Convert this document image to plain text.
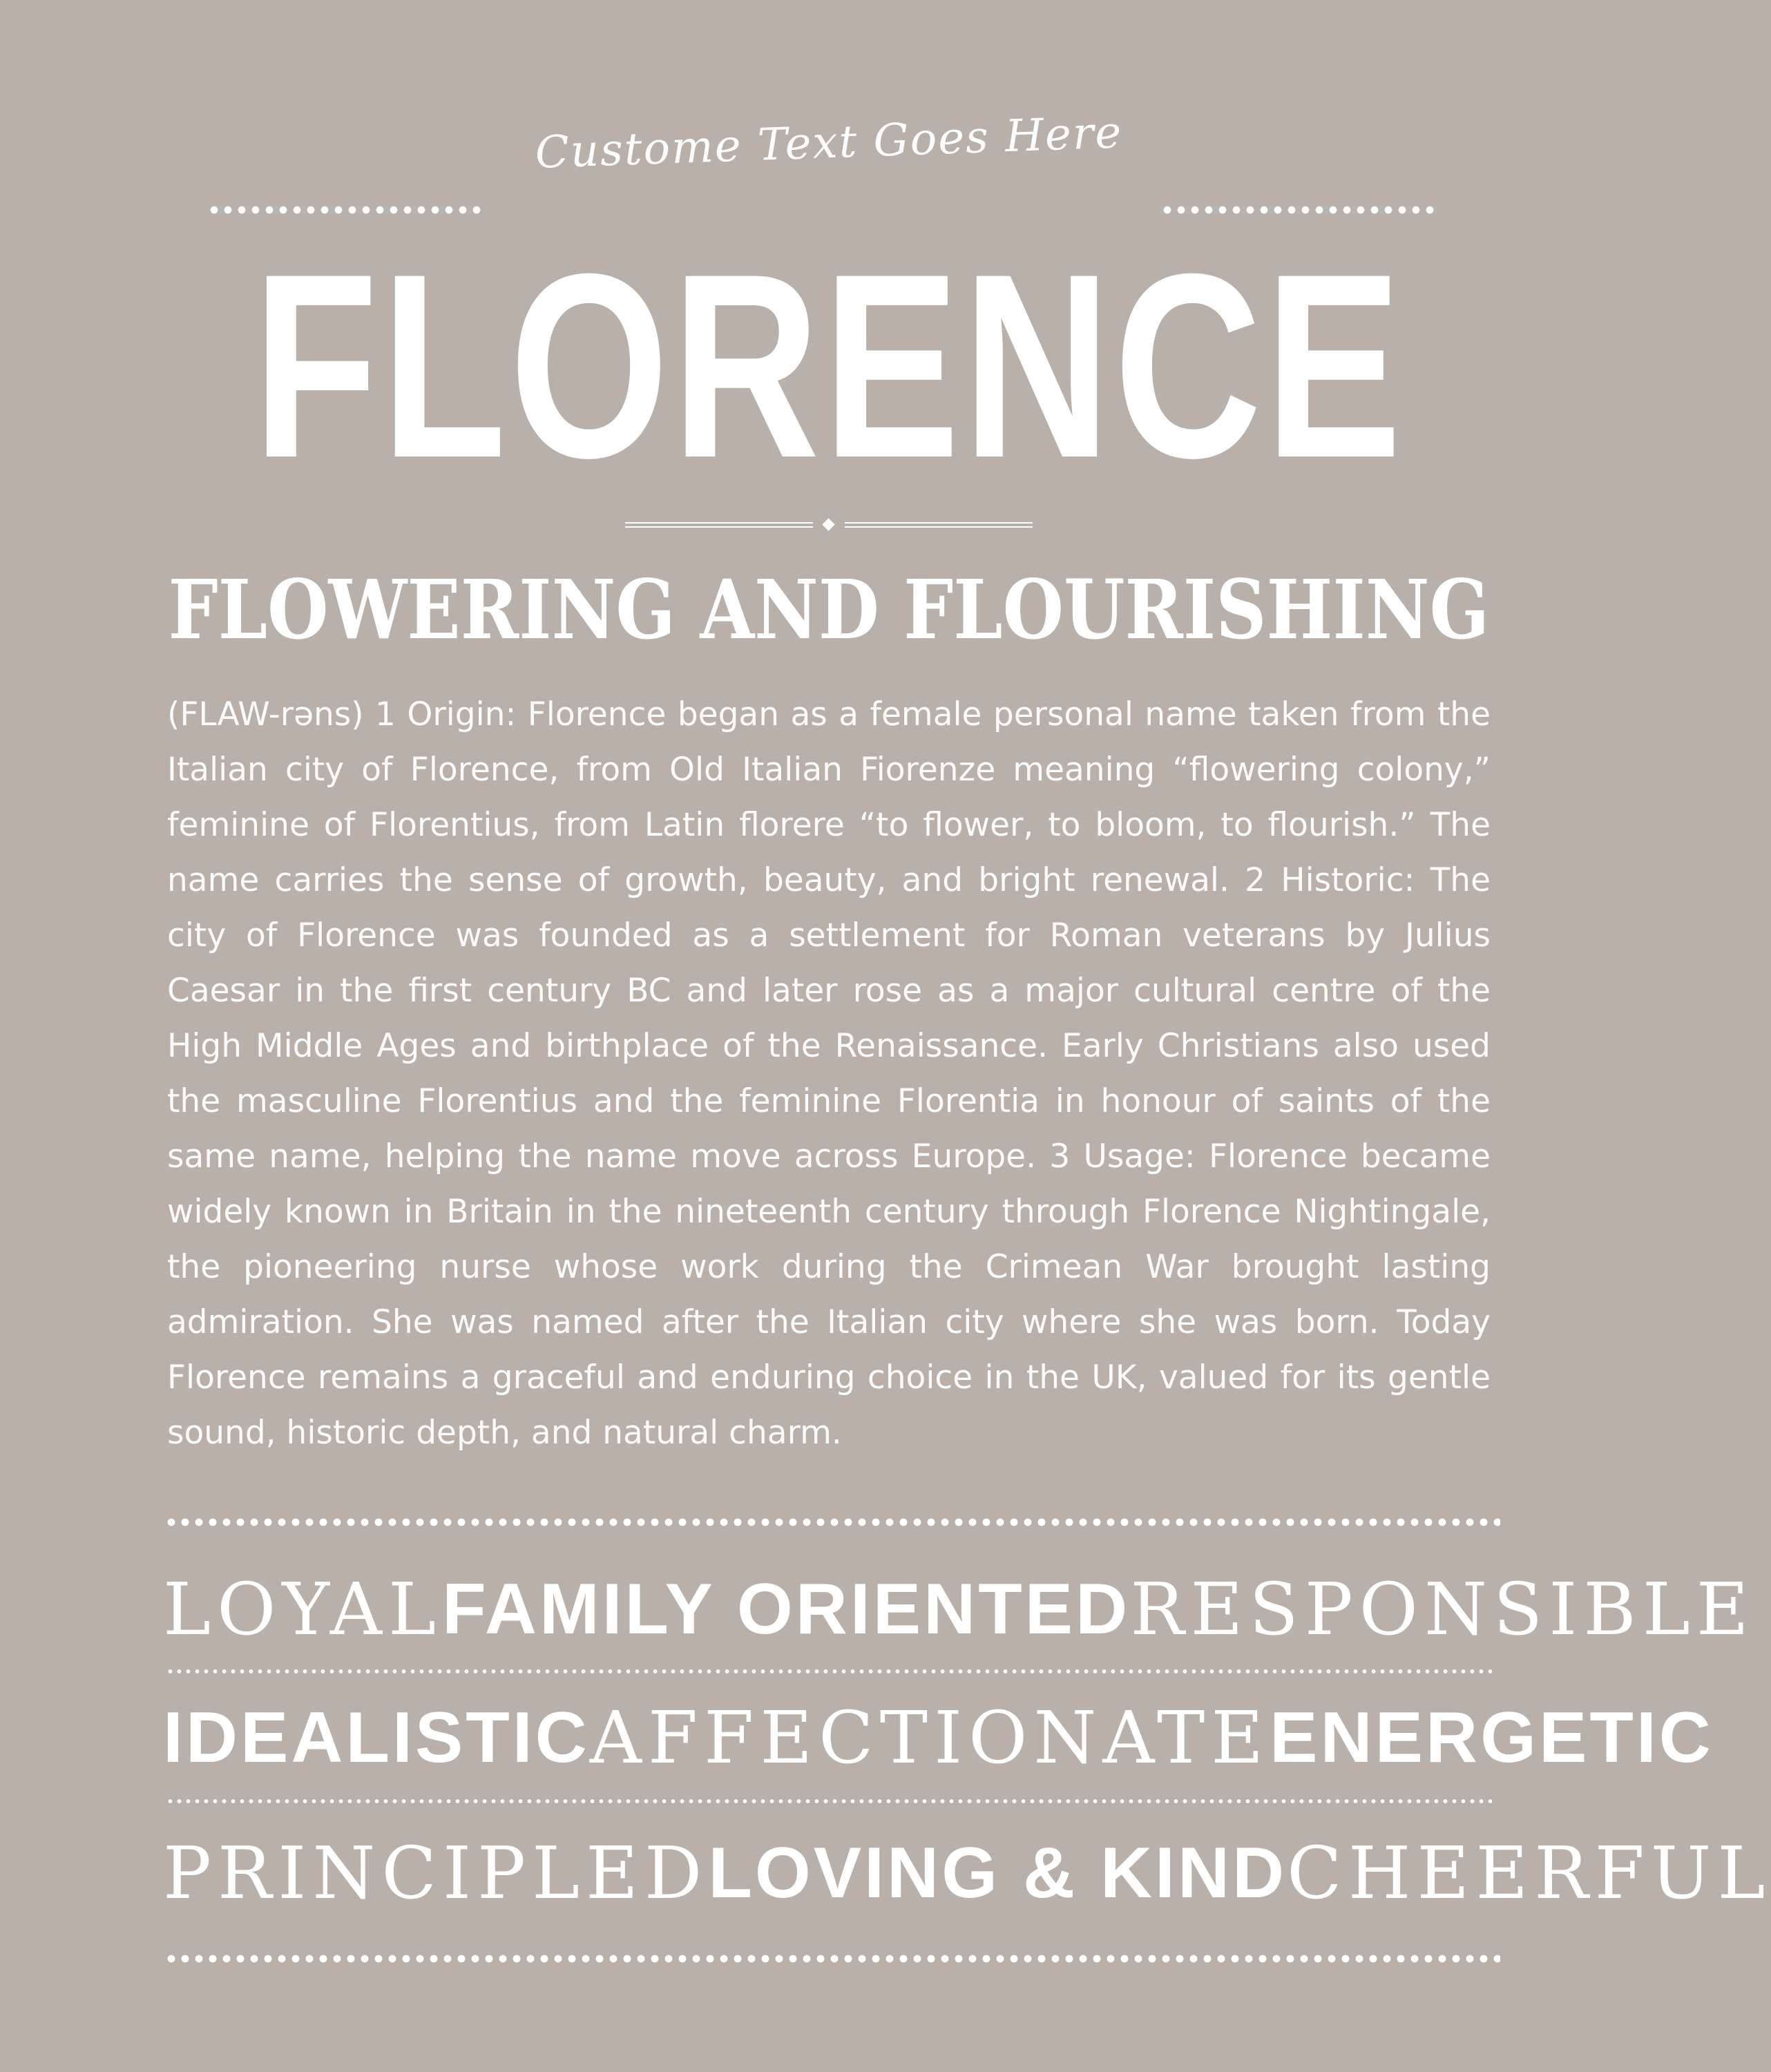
Custome Text Goes Here
FLORENCE
FLOWERING AND FLOURISHING

(FLAW-rəns) 1 Origin: Florence began as a female personal name taken from the Italian city of Florence, from Old Italian Fiorenze meaning “flowering colony,” feminine of Florentius, from Latin florere “to flower, to bloom, to flourish.” The name carries the sense of growth, beauty, and bright renewal. 2 Historic: The city of Florence was founded as a settlement for Roman veterans by Julius Caesar in the first century BC and later rose as a major cultural centre of the High Middle Ages and birthplace of the Renaissance. Early Christians also used the masculine Florentius and the feminine Florentia in honour of saints of the same name, helping the name move across Europe. 3 Usage: Florence became widely known in Britain in the nineteenth century through Florence Nightingale, the pioneering nurse whose work during the Crimean War brought lasting admiration. She was named after the Italian city where she was born. Today Florence remains a graceful and enduring choice in the UK, valued for its gentle sound, historic depth, and natural charm.

LOYAL FAMILY ORIENTED RESPONSIBLE
IDEALISTIC AFFECTIONATE ENERGETIC
PRINCIPLED LOVING & KIND CHEERFUL
